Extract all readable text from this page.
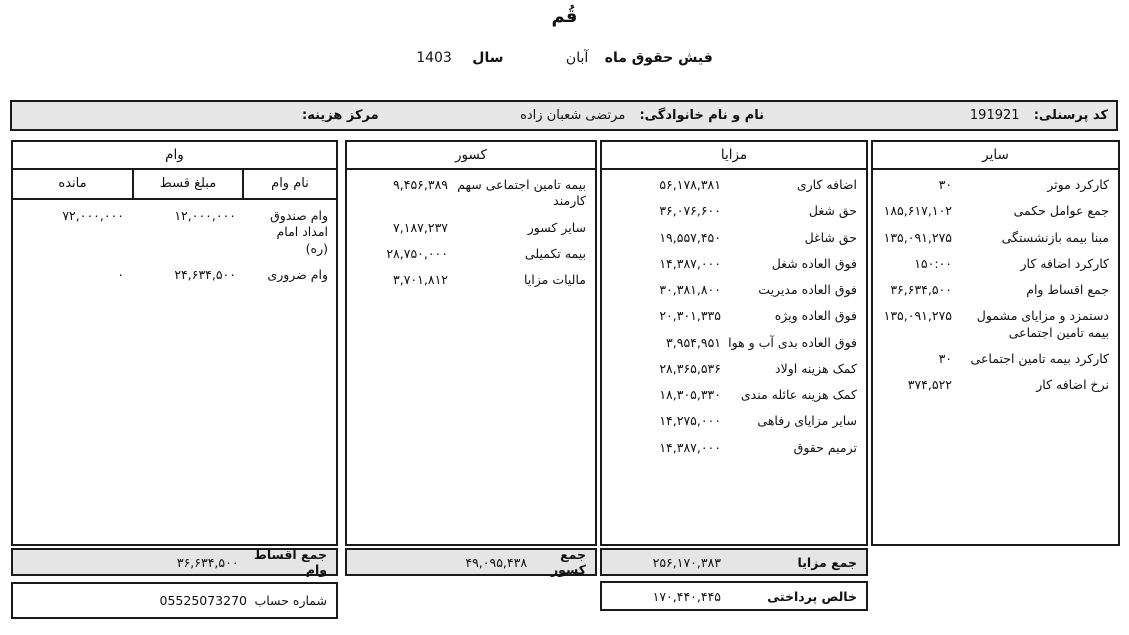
قُم
فیش حقوق ماه آبان سال 1403
کد پرسنلی: 191921
نام و نام خانوادگی: مرتضی شعبان زاده
مرکز هزینه:
سایر
کارکرد موثر
۳۰
جمع عوامل حکمی
۱۸۵,​۶۱۷,​۱۰۲
مبنا بیمه بازنشستگی
۱۳۵,​۰۹۱,​۲۷۵
کارکرد اضافه کار
۱۵۰:۰۰
جمع اقساط وام
۳۶,​۶۳۴,​۵۰۰
دستمزد و مزایای مشمول بیمه تامین اجتماعی
۱۳۵,​۰۹۱,​۲۷۵
کارکرد بیمه تامین اجتماعی
۳۰
نرخ اضافه کار
۳۷۴,​۵۲۲
مزایا
اضافه کاری
۵۶,​۱۷۸,​۳۸۱
حق شغل
۳۶,​۰۷۶,​۶۰۰
حق شاغل
۱۹,​۵۵۷,​۴۵۰
فوق العاده شغل
۱۴,​۳۸۷,​۰۰۰
فوق العاده مدیریت
۳۰,​۳۸۱,​۸۰۰
فوق العاده ویژه
۲۰,​۳۰۱,​۳۳۵
فوق العاده بدی آب و هوا
۳,​۹۵۴,​۹۵۱
کمک هزینه اولاد
۲۸,​۳۶۵,​۵۳۶
کمک هزینه عائله مندی
۱۸,​۳۰۵,​۳۳۰
سایر مزایای رفاهی
۱۴,​۲۷۵,​۰۰۰
ترمیم حقوق
۱۴,​۳۸۷,​۰۰۰
کسور
بیمه تامین اجتماعی سهم کارمند
۹,​۴۵۶,​۳۸۹
سایر کسور
۷,​۱۸۷,​۲۳۷
بیمه تکمیلی
۲۸,​۷۵۰,​۰۰۰
مالیات مزایا
۳,​۷۰۱,​۸۱۲
وام
نام وام
مبلغ قسط
مانده
وام صندوق امداد امام (ره)
۱۲,۰۰۰,۰۰۰
۷۲,۰۰۰,۰۰۰
وام ضروری
۲۴,۶۳۴,۵۰۰
۰
جمع مزایا
۲۵۶,۱۷۰,۳۸۳
جمع کسور
۴۹,۰۹۵,۴۳۸
جمع اقساط وام
۳۶,۶۳۴,۵۰۰
خالص پرداختی
۱۷۰,۴۴۰,۴۴۵
شماره حساب
05525073270
